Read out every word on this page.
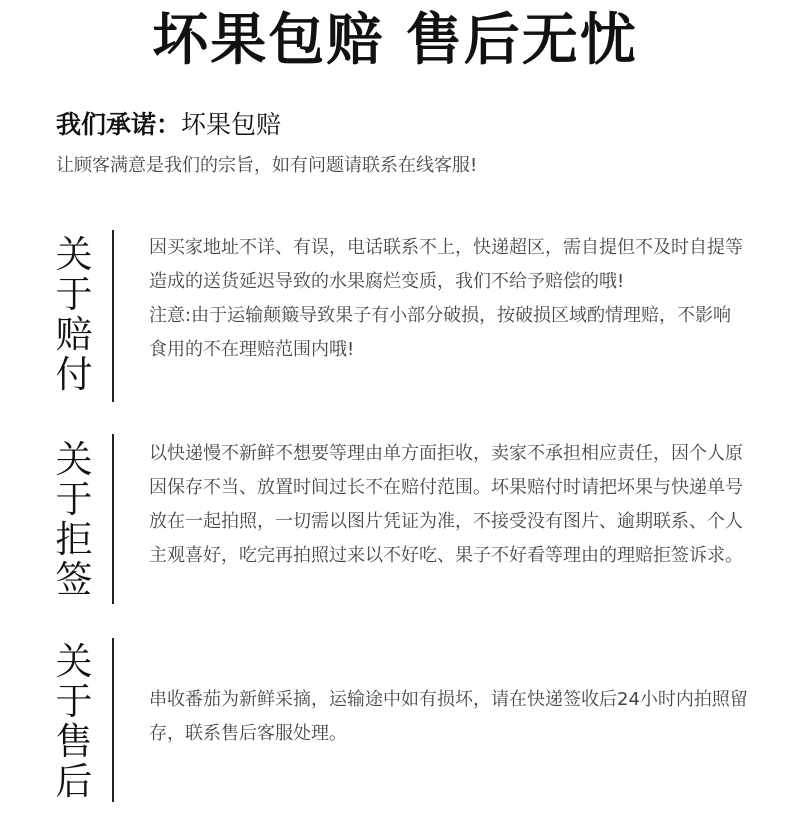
坏果包赔 售后无忧
我们承诺：坏果包赔
让顾客满意是我们的宗旨，如有问题请联系在线客服!
关
于
赔
付

因买家地址不详、有误，电话联系不上，快递超区，需自提但不及时自提等造成的送货延迟导致的水果腐烂变质，我们不给予赔偿的哦!

注意:由于运输颠簸导致果子有小部分破损，按破损区域酌情理赔，不影响食用的不在理赔范围内哦!

关
于
拒
签

以快递慢不新鲜不想要等理由单方面拒收，卖家不承担相应责任，因个人原因保存不当、放置时间过长不在赔付范围。坏果赔付时请把坏果与快递单号放在一起拍照，一切需以图片凭证为准，不接受没有图片、逾期联系、个人主观喜好，吃完再拍照过来以不好吃、果子不好看等理由的理赔拒签诉求。

关
于
售
后

串收番茄为新鲜采摘，运输途中如有损坏，请在快递签收后24小时内拍照留存，联系售后客服处理。
